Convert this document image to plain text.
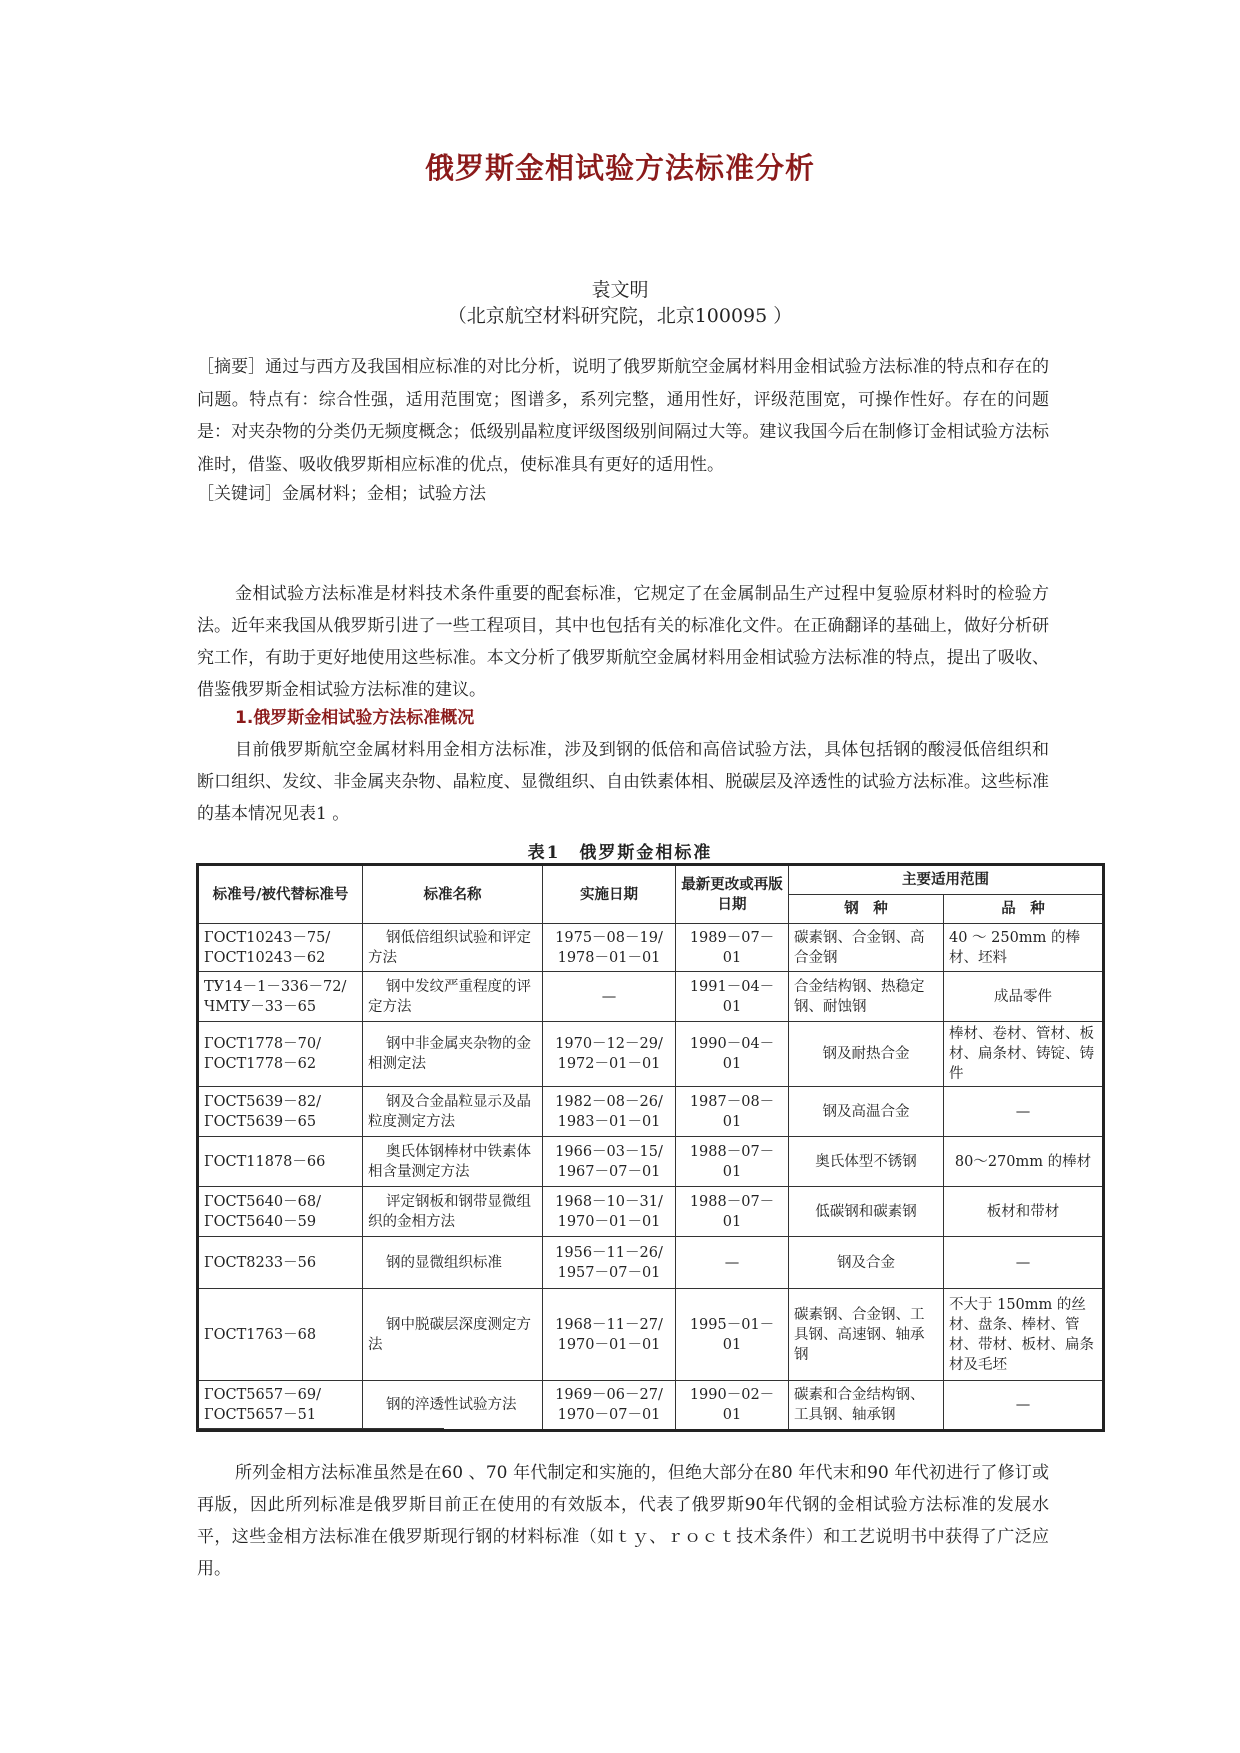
俄罗斯金相试验方法标准分析
袁文明
（北京航空材料研究院，北京100095 ）

［摘要］通过与西方及我国相应标准的对比分析，说明了俄罗斯航空金属材料用金相试验方法标准的特点和存在的问题。特点有：综合性强，适用范围宽；图谱多，系列完整，通用性好，评级范围宽，可操作性好。存在的问题是：对夹杂物的分类仍无频度概念；低级别晶粒度评级图级别间隔过大等。建议我国今后在制修订金相试验方法标准时，借鉴、吸收俄罗斯相应标准的优点，使标准具有更好的适用性。

［关键词］金属材料；金相；试验方法

金相试验方法标准是材料技术条件重要的配套标准，它规定了在金属制品生产过程中复验原材料时的检验方法。近年来我国从俄罗斯引进了一些工程项目，其中也包括有关的标准化文件。在正确翻译的基础上，做好分析研究工作，有助于更好地使用这些标准。本文分析了俄罗斯航空金属材料用金相试验方法标准的特点，提出了吸收、借鉴俄罗斯金相试验方法标准的建议。

1.俄罗斯金相试验方法标准概况

目前俄罗斯航空金属材料用金相方法标准，涉及到钢的低倍和高倍试验方法，具体包括钢的酸浸低倍组织和断口组织、发纹、非金属夹杂物、晶粒度、显微组织、自由铁素体相、脱碳层及淬透性的试验方法标准。这些标准的基本情况见表1 。

表1　俄罗斯金相标准
标准号/被代替标准号	标准名称	实施日期	最新更改或再版日期	主要适用范围	
				钢　种	品　种
ГОСТ10243－75/ ГОСТ10243－62	钢低倍组织试验和评定方法	1975－08－19/ 1978－01－01	1989－07－01	碳素钢、合金钢、高合金钢	40 ～ 250mm 的棒材、坯料
ТУ14－1－336－72/ ЧМТУ－33－65	钢中发纹严重程度的评定方法	—	1991－04－01	合金结构钢、热稳定钢、耐蚀钢	成品零件
ГОСТ1778－70/ ГОСТ1778－62	钢中非金属夹杂物的金相测定法	1970－12－29/ 1972－01－01	1990－04－01	钢及耐热合金	棒材、卷材、管材、板材、扁条材、铸锭、铸件
ГОСТ5639－82/ ГОСТ5639－65	钢及合金晶粒显示及晶粒度测定方法	1982－08－26/ 1983－01－01	1987－08－01	钢及高温合金	—
ГОСТ11878－66	奥氏体钢棒材中铁素体相含量测定方法	1966－03－15/ 1967－07－01	1988－07－01	奥氏体型不锈钢	80～270mm 的棒材
ГОСТ5640－68/ ГОСТ5640－59	评定钢板和钢带显微组织的金相方法	1968－10－31/ 1970－01－01	1988－07－01	低碳钢和碳素钢	板材和带材
ГОСТ8233－56	钢的显微组织标准	1956－11－26/ 1957－07－01	—	钢及合金	—
ГОСТ1763－68	钢中脱碳层深度测定方法	1968－11－27/ 1970－01－01	1995－01－01	碳素钢、合金钢、工具钢、高速钢、轴承钢	不大于 150mm 的丝材、盘条、棒材、管材、带材、板材、扁条材及毛坯
ГОСТ5657－69/ ГОСТ5657－51	钢的淬透性试验方法	1969－06－27/ 1970－07－01	1990－02－01	碳素和合金结构钢、工具钢、轴承钢	—

所列金相方法标准虽然是在60 、70 年代制定和实施的，但绝大部分在80 年代末和90 年代初进行了修订或再版，因此所列标准是俄罗斯目前正在使用的有效版本，代表了俄罗斯90年代钢的金相试验方法标准的发展水平，这些金相方法标准在俄罗斯现行钢的材料标准（如ｔｙ、ｒｏｃｔ技术条件）和工艺说明书中获得了广泛应用。
